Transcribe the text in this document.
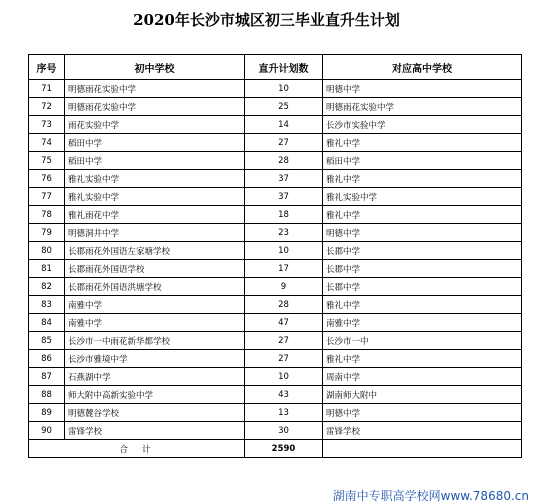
2020年长沙市城区初三毕业直升生计划
序号	初中学校	直升计划数	对应高中学校
71	明德雨花实验中学	10	明德中学
72	明德雨花实验中学	25	明德雨花实验中学
73	雨花实验中学	14	长沙市实验中学
74	稻田中学	27	雅礼中学
75	稻田中学	28	稻田中学
76	雅礼实验中学	37	雅礼中学
77	雅礼实验中学	37	雅礼实验中学
78	雅礼雨花中学	18	雅礼中学
79	明德洞井中学	23	明德中学
80	长郡雨花外国语左家塘学校	10	长郡中学
81	长郡雨花外国语学校	17	长郡中学
82	长郡雨花外国语洪塘学校	9	长郡中学
83	南雅中学	28	雅礼中学
84	南雅中学	47	南雅中学
85	长沙市一中雨花新华都学校	27	长沙市一中
86	长沙市雅境中学	27	雅礼中学
87	石燕湖中学	10	周南中学
88	师大附中高新实验中学	43	湖南师大附中
89	明德麓谷学校	13	明德中学
90	雷锋学校	30	雷锋学校
合计		2590	
湖南中专职高学校网www.78680.cn
